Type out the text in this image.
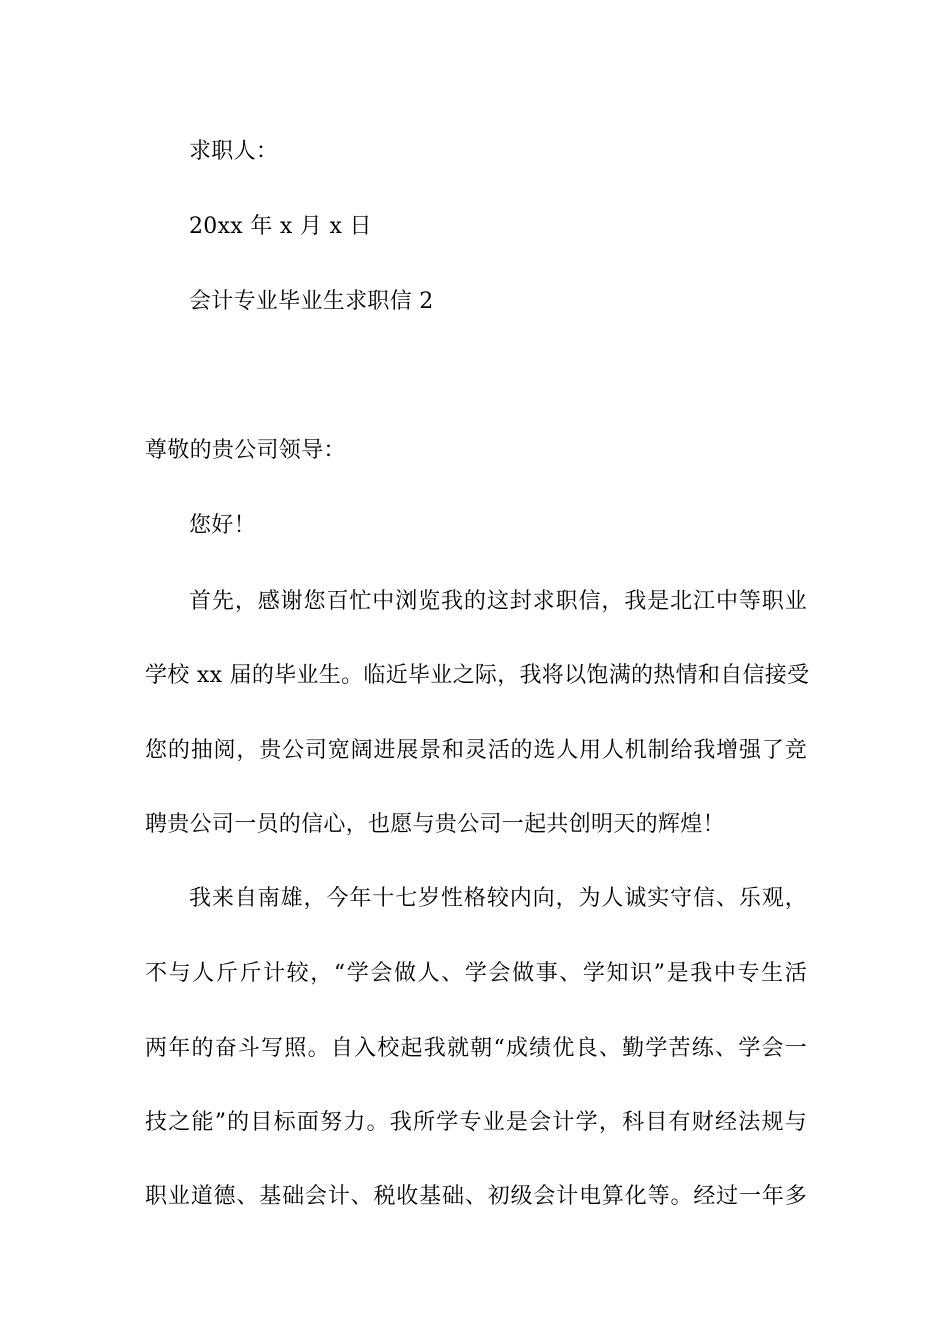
求职人：
20xx 年 x 月 x 日
会计专业毕业生求职信 2
尊敬的贵公司领导：
您好！
首先，感谢您百忙中浏览我的这封求职信，我是北江中等职业
学校 xx 届的毕业生。临近毕业之际，我将以饱满的热情和自信接受
您的抽阅，贵公司宽阔进展景和灵活的选人用人机制给我增强了竞
聘贵公司一员的信心，也愿与贵公司一起共创明天的辉煌！
我来自南雄，今年十七岁性格较内向，为人诚实守信、乐观，
不与人斤斤计较，“学会做人、学会做事、学知识”是我中专生活
两年的奋斗写照。自入校起我就朝“成绩优良、勤学苦练、学会一
技之能”的目标面努力。我所学专业是会计学，科目有财经法规与
职业道德、基础会计、税收基础、初级会计电算化等。经过一年多
